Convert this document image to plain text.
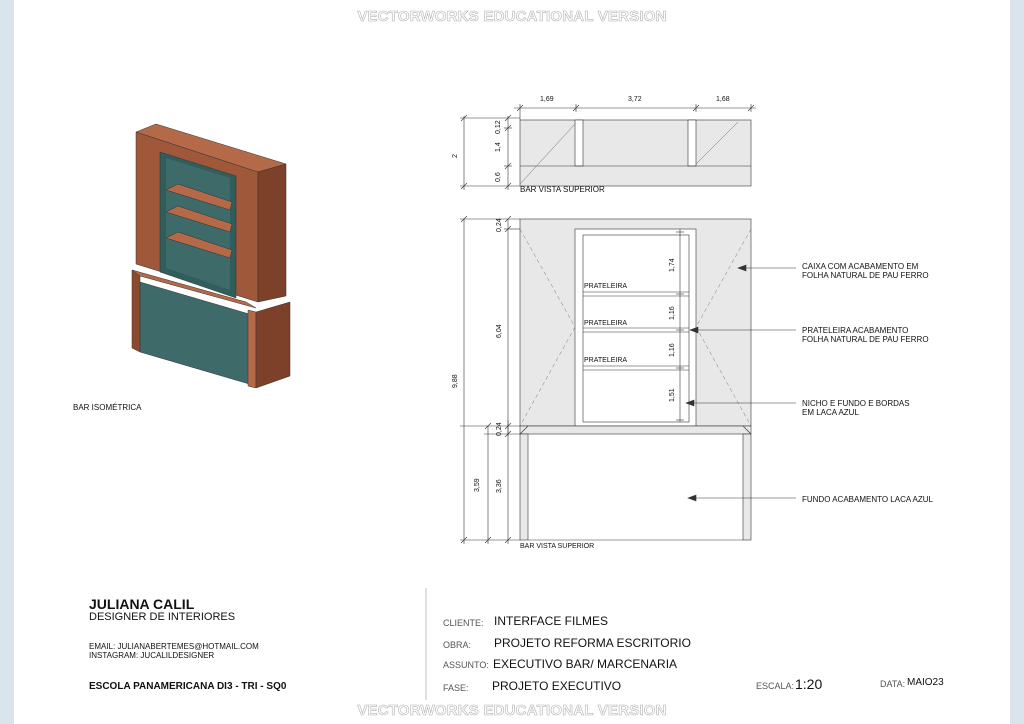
VECTORWORKS EDUCATIONAL VERSION
1,69	3,72	1,68
0,12
1,4
0,6
2
BAR VISTA SUPERIOR
BAR ISOMÉTRICA
PRATELEIRA
PRATELEIRA
PRATELEIRA
1,74
1,16
1,16
1,51
0,24
6,04
0,24
9,88
3,59 3,36
BAR VISTA SUPERIOR
CAIXA COM ACABAMENTO EM
FOLHA NATURAL DE PAU FERRO
PRATELEIRA ACABAMENTO
FOLHA NATURAL DE PAU FERRO
NICHO E FUNDO E BORDAS
EM LACA AZUL
FUNDO ACABAMENTO LACA AZUL
JULIANA CALIL
DESIGNER DE INTERIORES
EMAIL: JULIANABERTEMES@HOTMAIL.COM
INSTAGRAM: JUCALILDESIGNER
ESCOLA PANAMERICANA DI3 - TRI - SQ0
CLIENTE: INTERFACE FILMES
OBRA: PROJETO REFORMA ESCRITORIO
ASSUNTO: EXECUTIVO BAR/ MARCENARIA
FASE: PROJETO EXECUTIVO	ESCALA: 1:20	DATA: MAIO23
VECTORWORKS EDUCATIONAL VERSION
